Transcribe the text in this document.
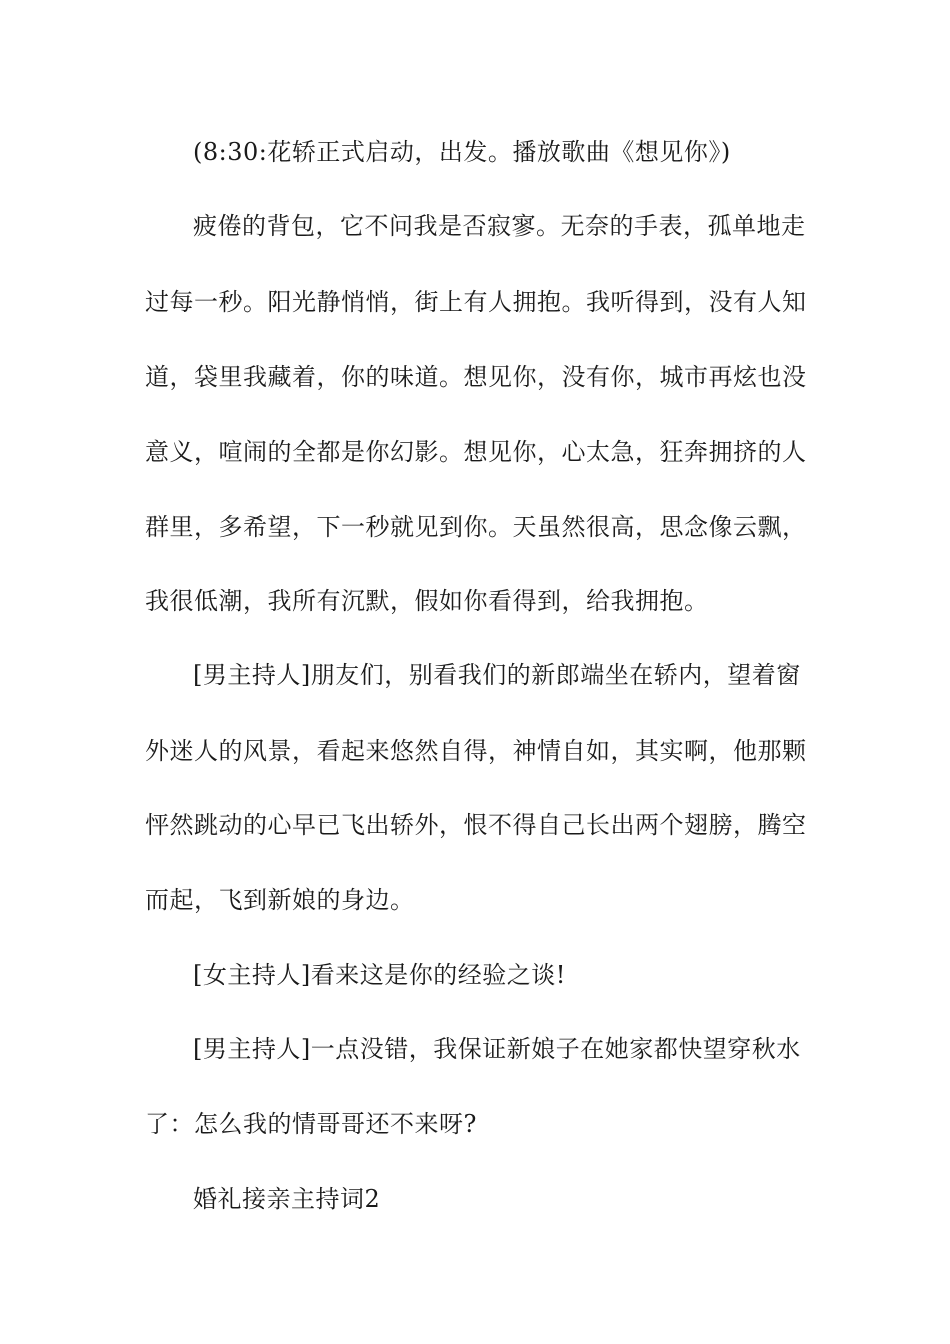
(8:30:花轿正式启动，出发。播放歌曲《想见你》)
疲倦的背包，它不问我是否寂寥。无奈的手表，孤单地走
过每一秒。阳光静悄悄，街上有人拥抱。我听得到，没有人知
道，袋里我藏着，你的味道。想见你，没有你，城市再炫也没
意义，喧闹的全都是你幻影。想见你，心太急，狂奔拥挤的人
群里，多希望，下一秒就见到你。天虽然很高，思念像云飘，
我很低潮，我所有沉默，假如你看得到，给我拥抱。
[男主持人]朋友们，别看我们的新郎端坐在轿内，望着窗
外迷人的风景，看起来悠然自得，神情自如，其实啊，他那颗
怦然跳动的心早已飞出轿外，恨不得自己长出两个翅膀，腾空
而起，飞到新娘的身边。
[女主持人]看来这是你的经验之谈!
[男主持人]一点没错，我保证新娘子在她家都快望穿秋水
了：怎么我的情哥哥还不来呀?
婚礼接亲主持词2
